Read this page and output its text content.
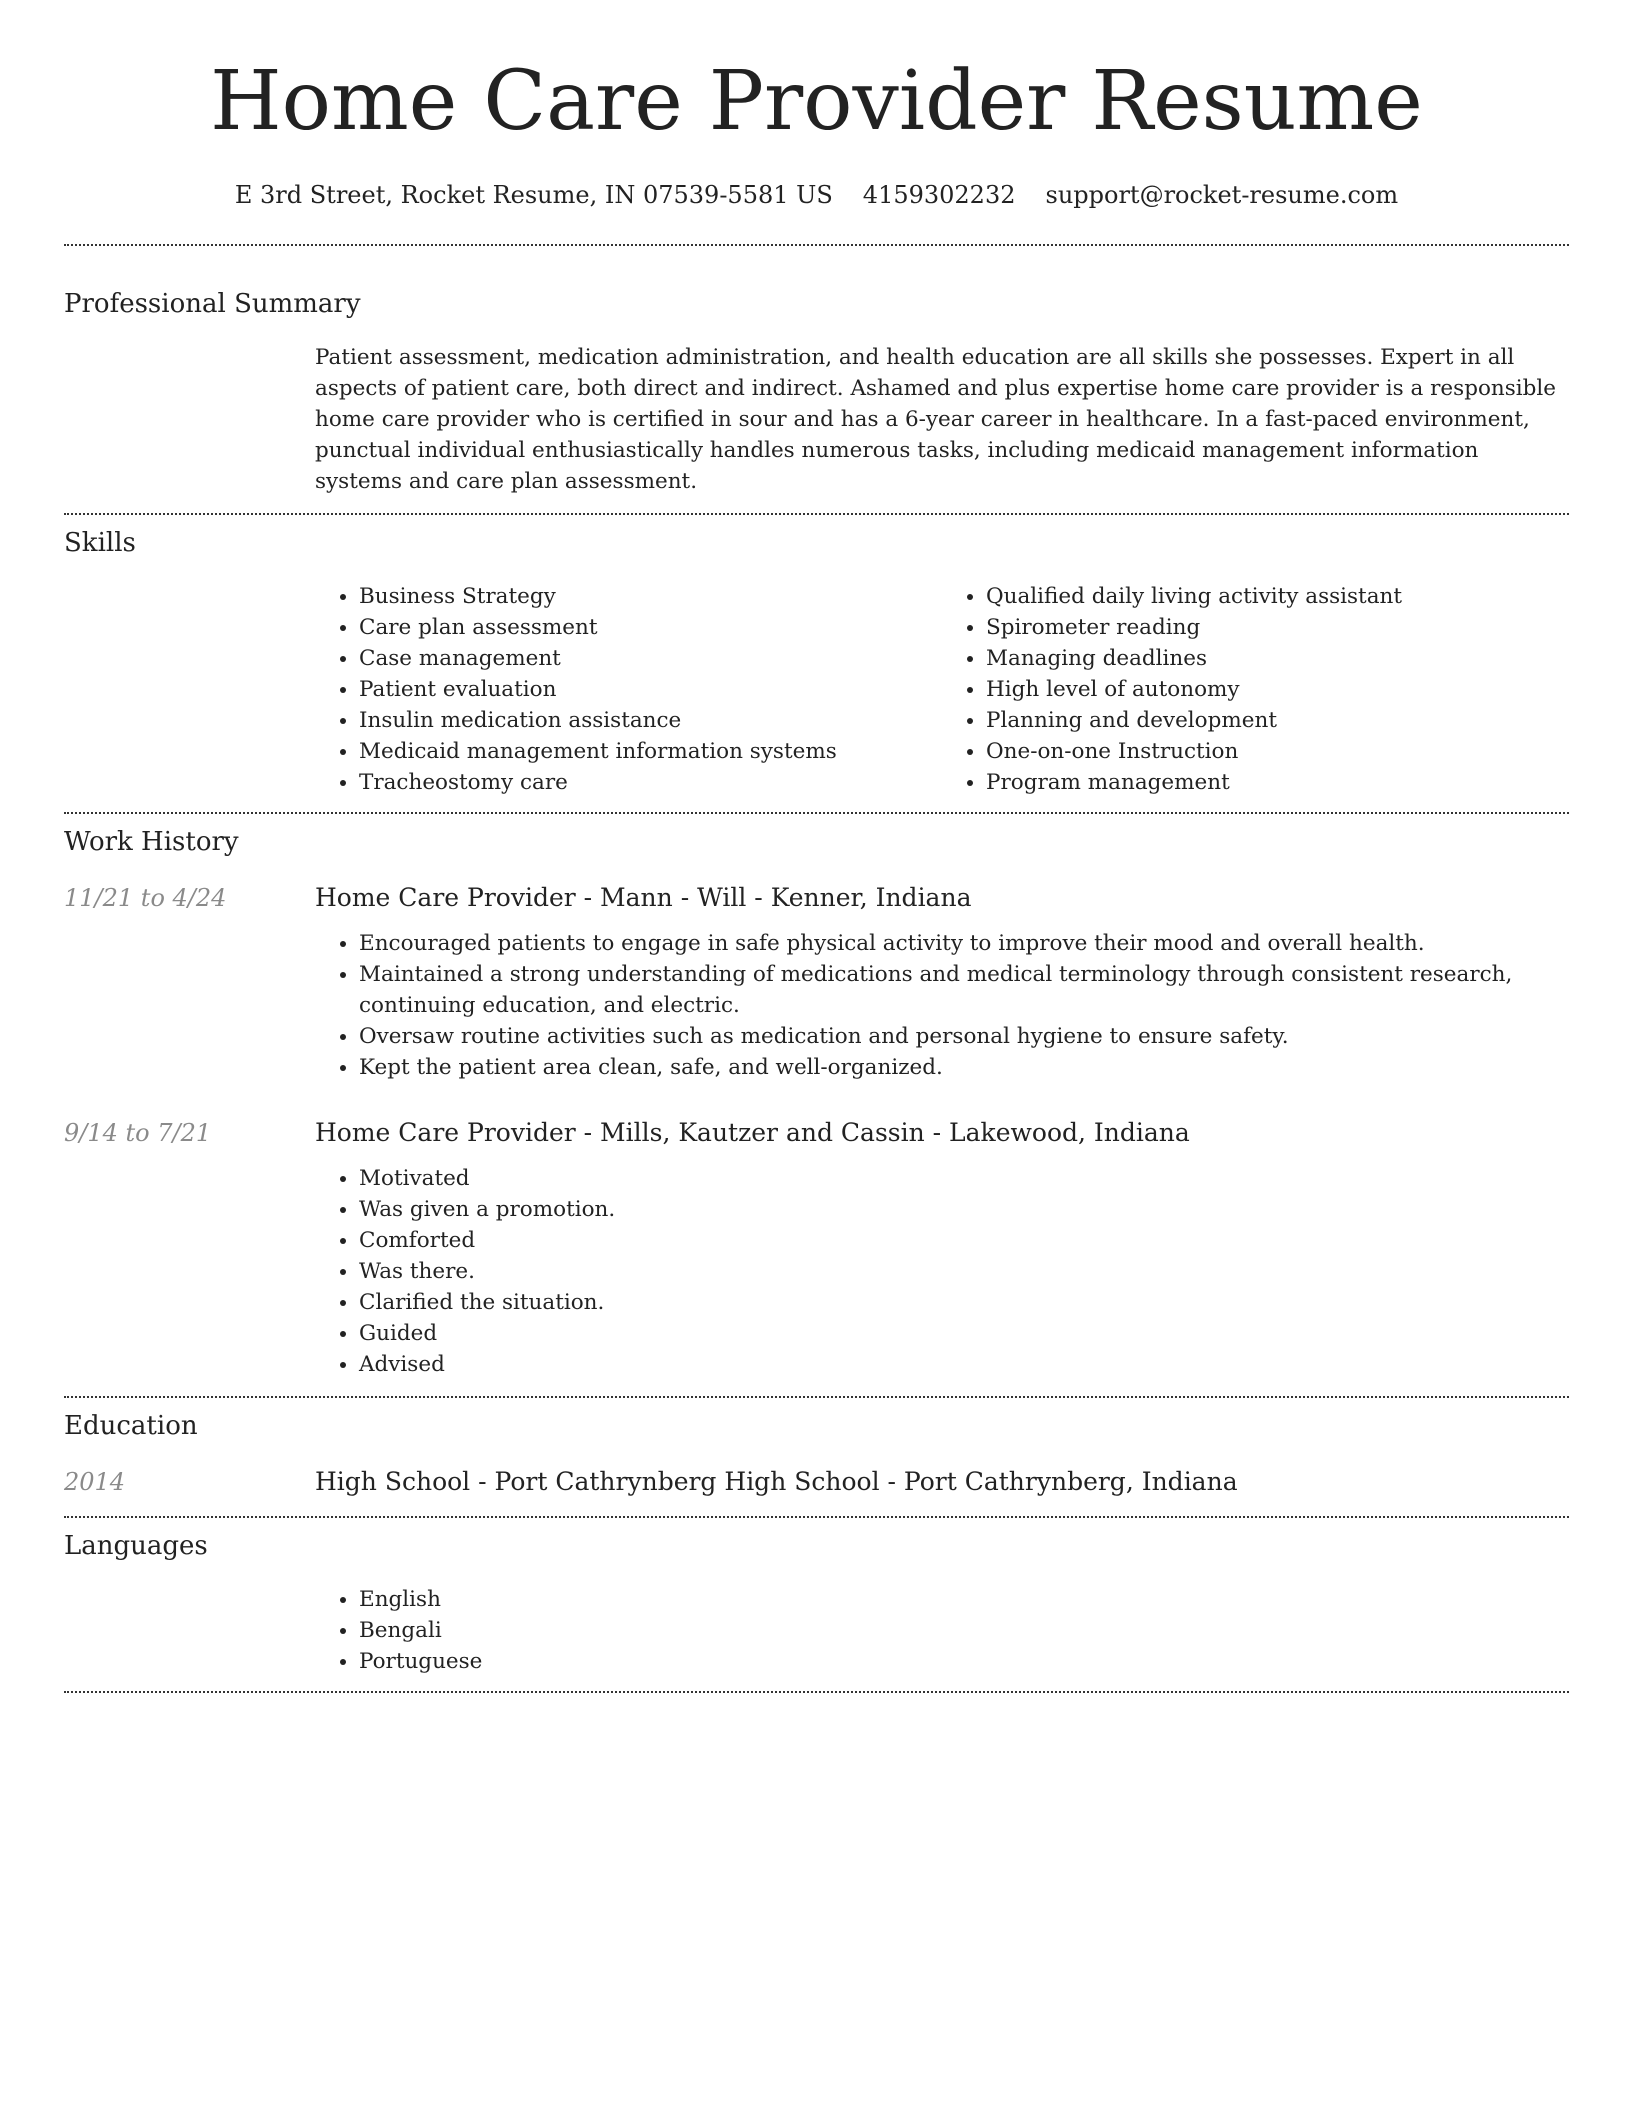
Home Care Provider Resume
E 3rd Street, Rocket Resume, IN 07539-5581 US 4159302232 support@rocket-resume.com
Professional Summary

Patient assessment, medication administration, and health education are all skills she possesses. Expert in all aspects of patient care, both direct and indirect. Ashamed and plus expertise home care provider is a responsible home care provider who is certified in sour and has a 6-year career in healthcare. In a fast-paced environment, punctual individual enthusiastically handles numerous tasks, including medicaid management information systems and care plan assessment.

Skills
• Business Strategy
• Care plan assessment
• Case management
• Patient evaluation
• Insulin medication assistance
• Medicaid management information systems
• Tracheostomy care
• Qualified daily living activity assistant
• Spirometer reading
• Managing deadlines
• High level of autonomy
• Planning and development
• One-on-one Instruction
• Program management
Work History
11/21 to 4/24	Home Care Provider - Mann - Will - Kenner, Indiana
• Encouraged patients to engage in safe physical activity to improve their mood and overall health.
• Maintained a strong understanding of medications and medical terminology through consistent research, continuing education, and electric.
• Oversaw routine activities such as medication and personal hygiene to ensure safety.
• Kept the patient area clean, safe, and well-organized.
9/14 to 7/21	Home Care Provider - Mills, Kautzer and Cassin - Lakewood, Indiana
• Motivated
• Was given a promotion.
• Comforted
• Was there.
• Clarified the situation.
• Guided
• Advised
Education
2014	High School - Port Cathrynberg High School - Port Cathrynberg, Indiana
Languages
• English
• Bengali
• Portuguese
